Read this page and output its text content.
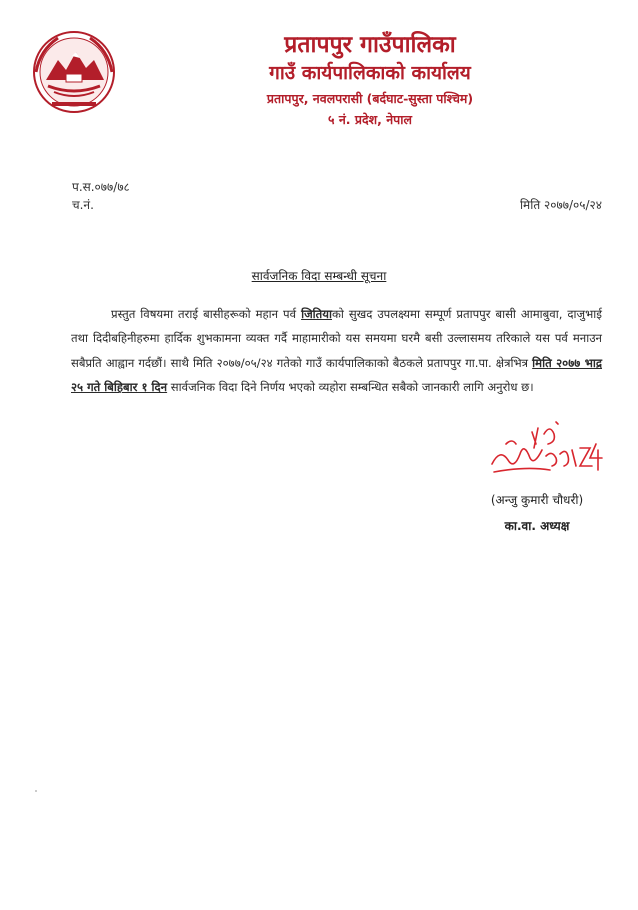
प्रतापपुर गाउँपालिका
गाउँ कार्यपालिकाको कार्यालय
प्रतापपुर, नवलपरासी (बर्दघाट-सुस्ता पश्चिम)
५ नं. प्रदेश, नेपाल
प.स.०७७/७८
च.नं.	मिति २०७७/०५/२४
सार्वजनिक विदा सम्बन्धी सूचना
प्रस्तुत विषयमा तराई बासीहरूको महान पर्व जितियाको सुखद उपलक्ष्यमा सम्पूर्ण प्रतापपुर बासी आमाबुवा, दाजुभाई तथा दिदीबहिनीहरुमा हार्दिक शुभकामना व्यक्त गर्दै माहामारीको यस समयमा घरमै बसी उल्लासमय तरिकाले यस पर्व मनाउन सबैप्रति आह्वान गर्दछौं। साथै मिति २०७७/०५/२४ गतेको गाउँ कार्यपालिकाको बैठकले प्रतापपुर गा.पा. क्षेत्रभित्र मिति २०७७ भाद्र २५ गते बिहिबार १ दिन सार्वजनिक विदा दिने निर्णय भएको व्यहोरा सम्बन्धित सबैको जानकारी लागि अनुरोध छ।
(अन्जु कुमारी चौधरी)
का.वा. अध्यक्ष
